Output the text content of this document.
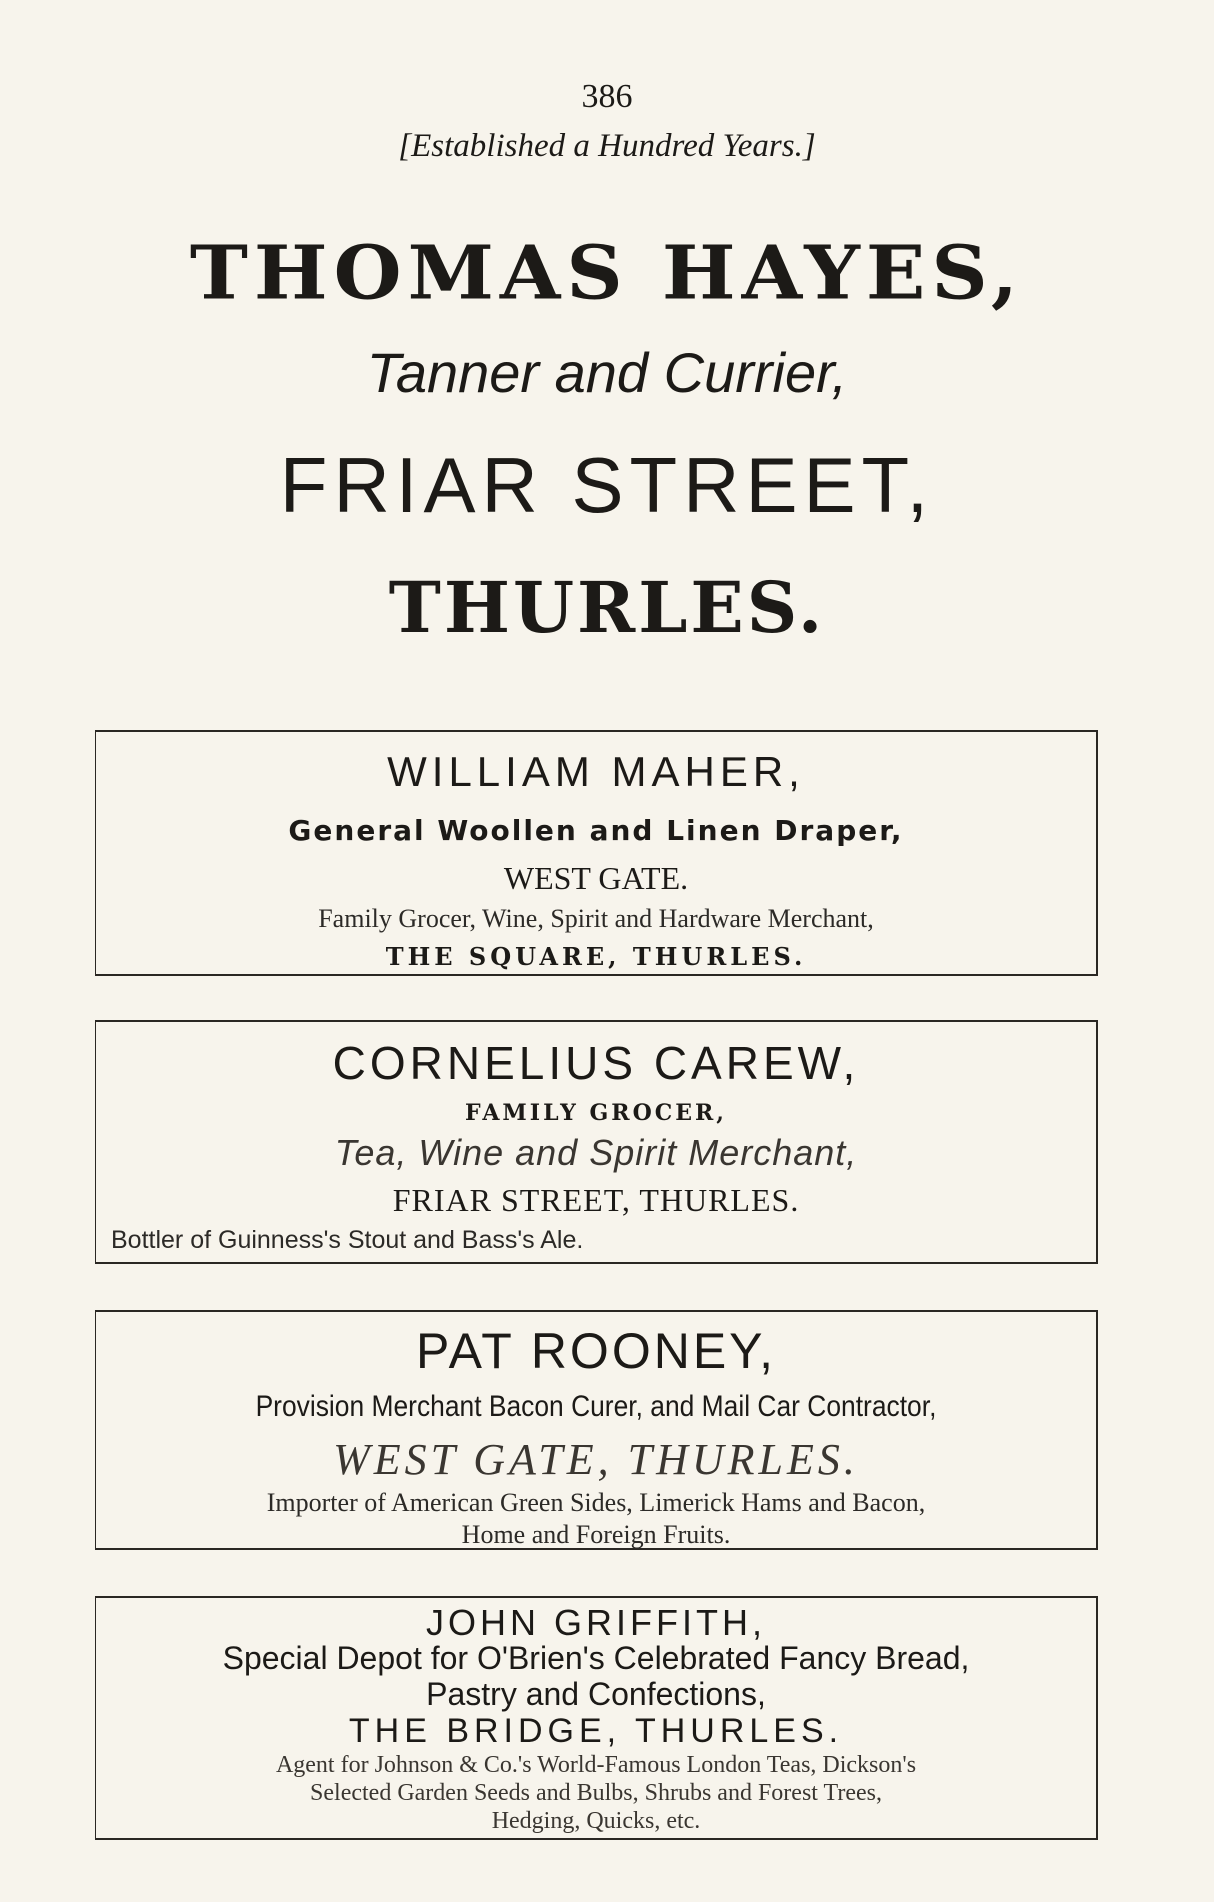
386
[Established a Hundred Years.]
THOMAS HAYES,
Tanner and Currier,
FRIAR STREET,
THURLES.
WILLIAM MAHER,
General Woollen and Linen Draper,
WEST GATE.
Family Grocer, Wine, Spirit and Hardware Merchant,
THE SQUARE, THURLES.
CORNELIUS CAREW,
FAMILY GROCER,
Tea, Wine and Spirit Merchant,
FRIAR STREET, THURLES.
Bottler of Guinness's Stout and Bass's Ale.
PAT ROONEY,
Provision Merchant Bacon Curer, and Mail Car Contractor,
WEST GATE, THURLES.
Importer of American Green Sides, Limerick Hams and Bacon,
Home and Foreign Fruits.
JOHN GRIFFITH,
Special Depot for O'Brien's Celebrated Fancy Bread,
Pastry and Confections,
THE BRIDGE, THURLES.
Agent for Johnson & Co.'s World-Famous London Teas, Dickson's
Selected Garden Seeds and Bulbs, Shrubs and Forest Trees,
Hedging, Quicks, etc.
